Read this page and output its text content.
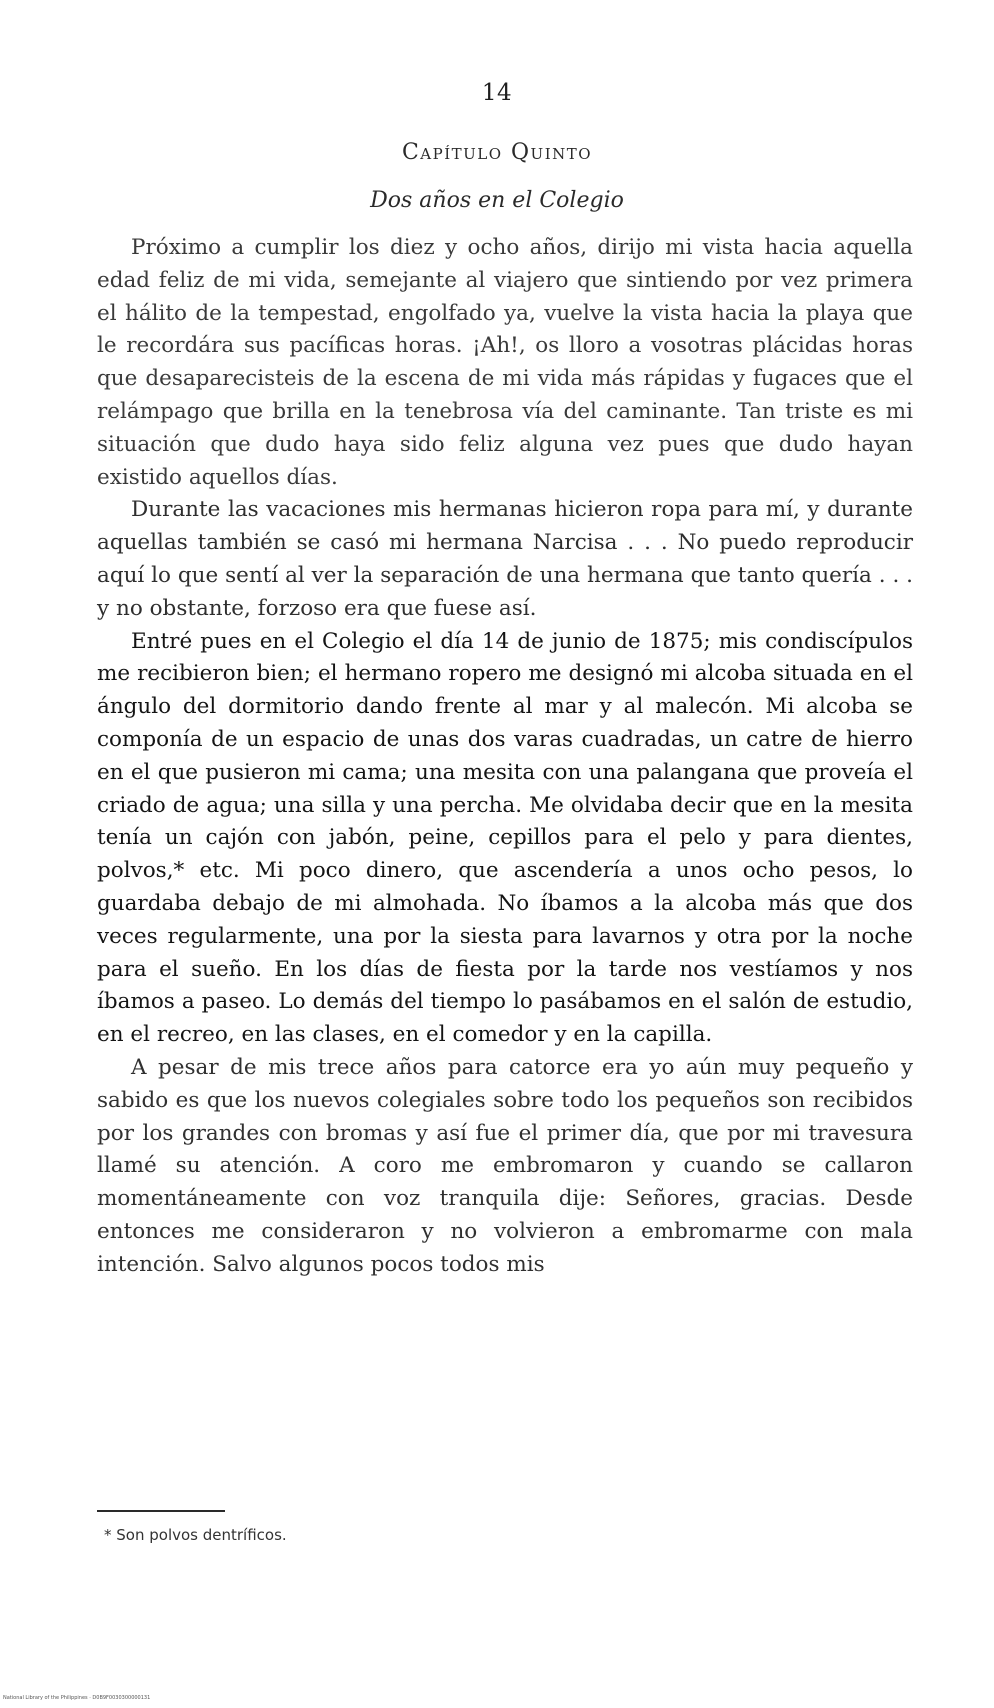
14
Capítulo Quinto
Dos años en el Colegio

Próximo a cumplir los diez y ocho años, dirijo mi vista hacia aquella edad feliz de mi vida, semejante al viajero que sintiendo por vez primera el hálito de la tempestad, engolfado ya, vuelve la vista hacia la playa que le recordára sus pacíficas horas. ¡Ah!, os lloro a vosotras plácidas horas que desaparecisteis de la escena de mi vida más rápidas y fugaces que el relámpago que brilla en la tenebrosa vía del caminante. Tan triste es mi situación que dudo haya sido feliz alguna vez pues que dudo hayan existido aquellos días.

Durante las vacaciones mis hermanas hicieron ropa para mí, y durante aquellas también se casó mi hermana Narcisa . . . No puedo reproducir aquí lo que sentí al ver la separación de una hermana que tanto quería . . . y no obstante, forzoso era que fuese así.

Entré pues en el Colegio el día 14 de junio de 1875; mis condiscípulos me recibieron bien; el hermano ropero me designó mi alcoba situada en el ángulo del dormitorio dando frente al mar y al malecón. Mi alcoba se componía de un espacio de unas dos varas cuadradas, un catre de hierro en el que pusieron mi cama; una mesita con una palangana que proveía el criado de agua; una silla y una percha. Me olvidaba decir que en la mesita tenía un cajón con jabón, peine, cepillos para el pelo y para dientes, polvos,* etc. Mi poco dinero, que ascendería a unos ocho pesos, lo guardaba debajo de mi almohada. No íbamos a la alcoba más que dos veces regularmente, una por la siesta para lavarnos y otra por la noche para el sueño. En los días de fiesta por la tarde nos vestíamos y nos íbamos a paseo. Lo demás del tiempo lo pasábamos en el salón de estudio, en el recreo, en las clases, en el comedor y en la capilla.

A pesar de mis trece años para catorce era yo aún muy pequeño y sabido es que los nuevos colegiales sobre todo los pequeños son recibidos por los grandes con bromas y así fue el primer día, que por mi travesura llamé su atención. A coro me embromaron y cuando se callaron momentáneamente con voz tranquila dije: Señores, gracias. Desde entonces me consideraron y no volvieron a embromarme con mala intención. Salvo algunos pocos todos mis

* Son polvos dentríficos.
National Library of the Philippines · D0B9F0030300000131
